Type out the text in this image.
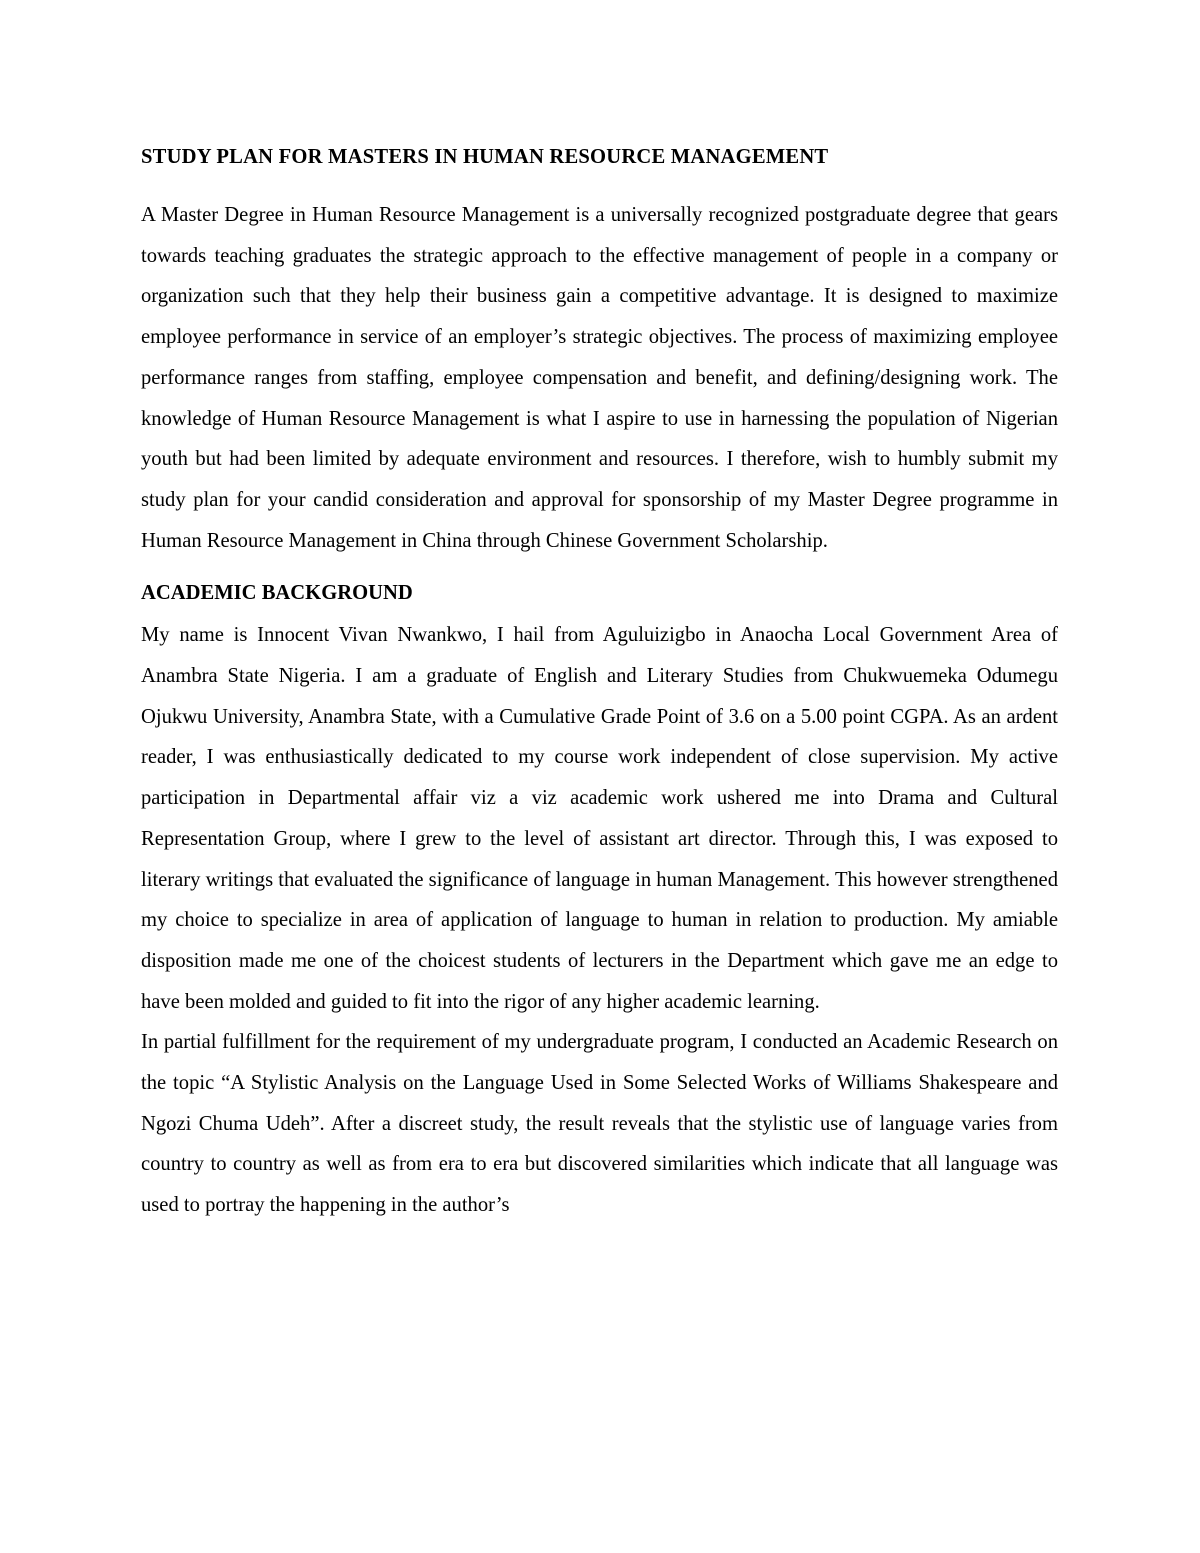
STUDY PLAN FOR MASTERS IN HUMAN RESOURCE MANAGEMENT

A Master Degree in Human Resource Management is a universally recognized postgraduate degree that gears towards teaching graduates the strategic approach to the effective management of people in a company or organization such that they help their business gain a competitive advantage. It is designed to maximize employee performance in service of an employer’s strategic objectives. The process of maximizing employee performance ranges from staffing, employee compensation and benefit, and defining/designing work. The knowledge of Human Resource Management is what I aspire to use in harnessing the population of Nigerian youth but had been limited by adequate environment and resources. I therefore, wish to humbly submit my study plan for your candid consideration and approval for sponsorship of my Master Degree programme in Human Resource Management in China through Chinese Government Scholarship.

ACADEMIC BACKGROUND

My name is Innocent Vivan Nwankwo, I hail from Aguluizigbo in Anaocha Local Government Area of Anambra State Nigeria. I am a graduate of English and Literary Studies from Chukwuemeka Odumegu Ojukwu University, Anambra State, with a Cumulative Grade Point of 3.6 on a 5.00 point CGPA. As an ardent reader, I was enthusiastically dedicated to my course work independent of close supervision. My active participation in Departmental affair viz a viz academic work ushered me into Drama and Cultural Representation Group, where I grew to the level of assistant art director. Through this, I was exposed to literary writings that evaluated the significance of language in human Management. This however strengthened my choice to specialize in area of application of language to human in relation to production. My amiable disposition made me one of the choicest students of lecturers in the Department which gave me an edge to have been molded and guided to fit into the rigor of any higher academic learning.

In partial fulfillment for the requirement of my undergraduate program, I conducted an Academic Research on the topic “A Stylistic Analysis on the Language Used in Some Selected Works of Williams Shakespeare and Ngozi Chuma Udeh”. After a discreet study, the result reveals that the stylistic use of language varies from country to country as well as from era to era but discovered similarities which indicate that all language was used to portray the happening in the author’s
